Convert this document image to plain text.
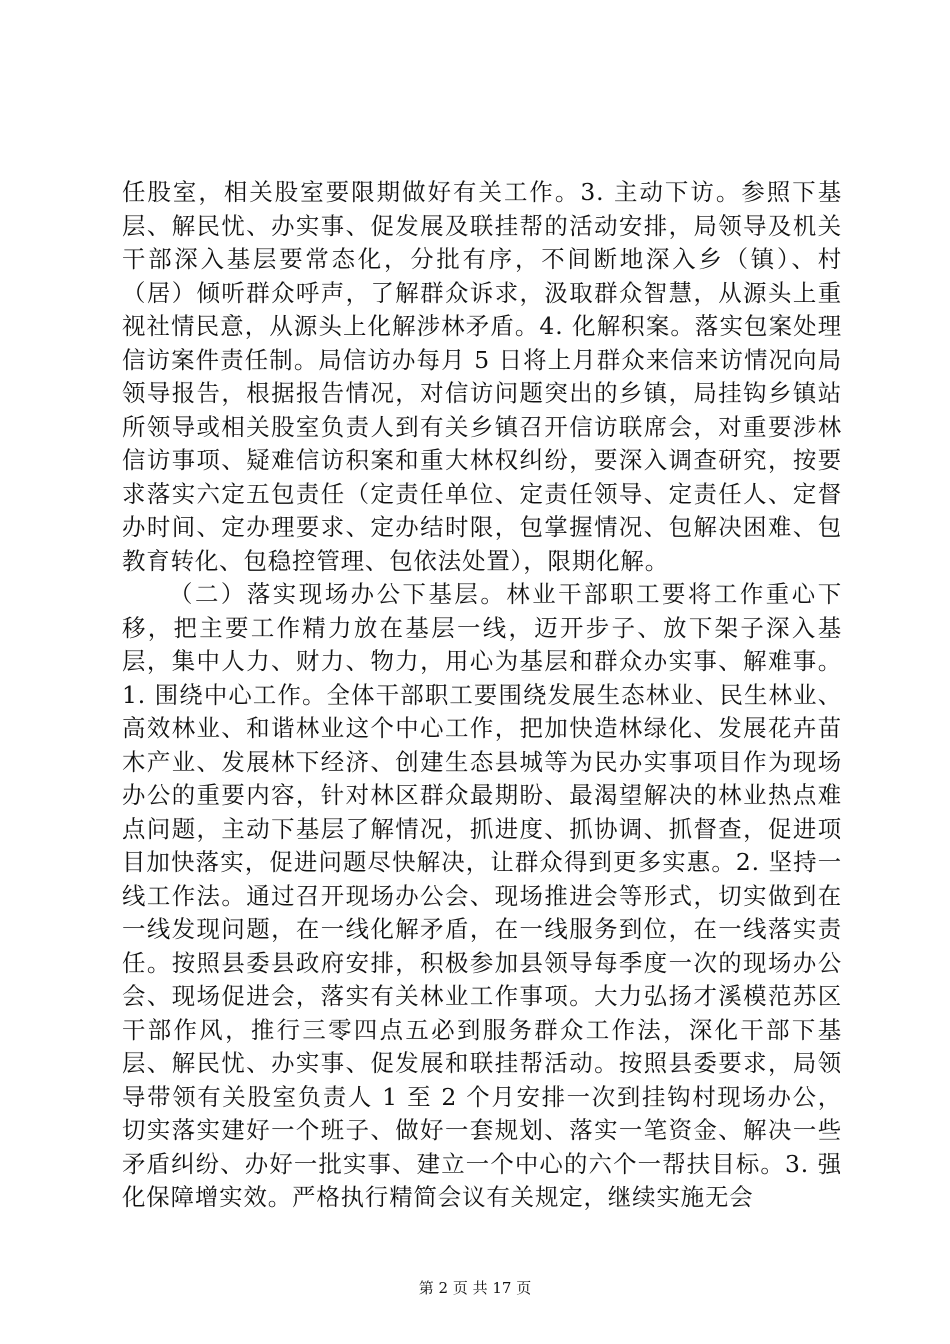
任股室，相关股室要限期做好有关工作。3. 主动下访。参照下基层、解民忧、办实事、促发展及联挂帮的活动安排，局领导及机关干部深入基层要常态化，分批有序，不间断地深入乡（镇）、村（居）倾听群众呼声，了解群众诉求，汲取群众智慧，从源头上重视社情民意，从源头上化解涉林矛盾。4. 化解积案。落实包案处理信访案件责任制。局信访办每月 5 日将上月群众来信来访情况向局领导报告，根据报告情况，对信访问题突出的乡镇，局挂钩乡镇站所领导或相关股室负责人到有关乡镇召开信访联席会，对重要涉林信访事项、疑难信访积案和重大林权纠纷，要深入调查研究，按要求落实六定五包责任（定责任单位、定责任领导、定责任人、定督办时间、定办理要求、定办结时限，包掌握情况、包解决困难、包教育转化、包稳控管理、包依法处置），限期化解。

（二）落实现场办公下基层。林业干部职工要将工作重心下移，把主要工作精力放在基层一线，迈开步子、放下架子深入基层，集中人力、财力、物力，用心为基层和群众办实事、解难事。1. 围绕中心工作。全体干部职工要围绕发展生态林业、民生林业、高效林业、和谐林业这个中心工作，把加快造林绿化、发展花卉苗木产业、发展林下经济、创建生态县城等为民办实事项目作为现场办公的重要内容，针对林区群众最期盼、最渴望解决的林业热点难点问题，主动下基层了解情况，抓进度、抓协调、抓督查，促进项目加快落实，促进问题尽快解决，让群众得到更多实惠。2. 坚持一线工作法。通过召开现场办公会、现场推进会等形式，切实做到在一线发现问题，在一线化解矛盾，在一线服务到位，在一线落实责任。按照县委县政府安排，积极参加县领导每季度一次的现场办公会、现场促进会，落实有关林业工作事项。大力弘扬才溪模范苏区干部作风，推行三零四点五必到服务群众工作法，深化干部下基层、解民忧、办实事、促发展和联挂帮活动。按照县委要求，局领导带领有关股室负责人 1 至 2 个月安排一次到挂钩村现场办公，切实落实建好一个班子、做好一套规划、落实一笔资金、解决一些矛盾纠纷、办好一批实事、建立一个中心的六个一帮扶目标。3. 强化保障增实效。严格执行精简会议有关规定，继续实施无会

第 2 页 共 17 页
